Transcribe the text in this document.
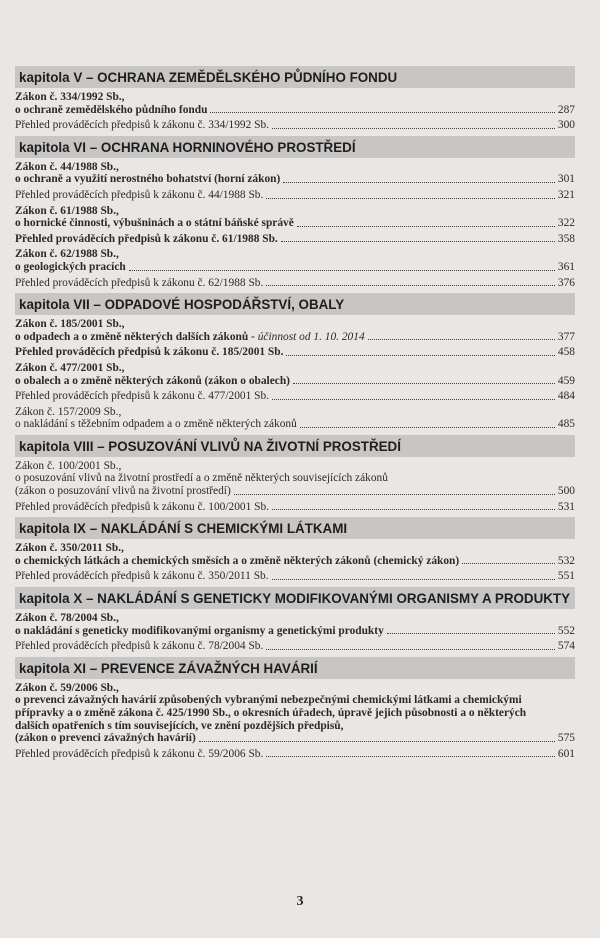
kapitola V – OCHRANA ZEMĚDĚLSKÉHO PŮDNÍHO FONDU
Zákon č. 334/1992 Sb.,
o ochraně zemědělského půdního fondu	287
Přehled prováděcích předpisů k zákonu č. 334/1992 Sb.	300
kapitola VI – OCHRANA HORNINOVÉHO PROSTŘEDÍ
Zákon č. 44/1988 Sb.,
o ochraně a využití nerostného bohatství (horní zákon)	301
Přehled prováděcích předpisů k zákonu č. 44/1988 Sb.	321
Zákon č. 61/1988 Sb.,
o hornické činnosti, výbušninách a o státní báňské správě	322
Přehled prováděcích předpisů k zákonu č. 61/1988 Sb.	358
Zákon č. 62/1988 Sb.,
o geologických pracích	361
Přehled prováděcích předpisů k zákonu č. 62/1988 Sb.	376
kapitola VII – ODPADOVÉ HOSPODÁŘSTVÍ, OBALY
Zákon č. 185/2001 Sb.,
o odpadech a o změně některých dalších zákonů - účinnost od 1. 10. 2014	377
Přehled prováděcích předpisů k zákonu č. 185/2001 Sb.	458
Zákon č. 477/2001 Sb.,
o obalech a o změně některých zákonů (zákon o obalech)	459
Přehled prováděcích předpisů k zákonu č. 477/2001 Sb.	484
Zákon č. 157/2009 Sb.,
o nakládání s těžebním odpadem a o změně některých zákonů	485
kapitola VIII – POSUZOVÁNÍ VLIVŮ NA ŽIVOTNÍ PROSTŘEDÍ
Zákon č. 100/2001 Sb.,
o posuzování vlivů na životní prostředí a o změně některých souvisejících zákonů
(zákon o posuzování vlivů na životní prostředí)	500
Přehled prováděcích předpisů k zákonu č. 100/2001 Sb.	531
kapitola IX – NAKLÁDÁNÍ S CHEMICKÝMI LÁTKAMI
Zákon č. 350/2011 Sb.,
o chemických látkách a chemických směsích a o změně některých zákonů (chemický zákon)	532
Přehled prováděcích předpisů k zákonu č. 350/2011 Sb.	551
kapitola X – NAKLÁDÁNÍ S GENETICKY MODIFIKOVANÝMI ORGANISMY A PRODUKTY
Zákon č. 78/2004 Sb.,
o nakládání s geneticky modifikovanými organismy a genetickými produkty	552
Přehled prováděcích předpisů k zákonu č. 78/2004 Sb.	574
kapitola XI – PREVENCE ZÁVAŽNÝCH HAVÁRIÍ
Zákon č. 59/2006 Sb.,
o prevenci závažných havárií způsobených vybranými nebezpečnými chemickými látkami a chemickými
přípravky a o změně zákona č. 425/1990 Sb., o okresních úřadech, úpravě jejich působnosti a o některých
dalších opatřeních s tím souvisejících, ve znění pozdějších předpisů,
(zákon o prevenci závažných havárií)	575
Přehled prováděcích předpisů k zákonu č. 59/2006 Sb.	601
3
